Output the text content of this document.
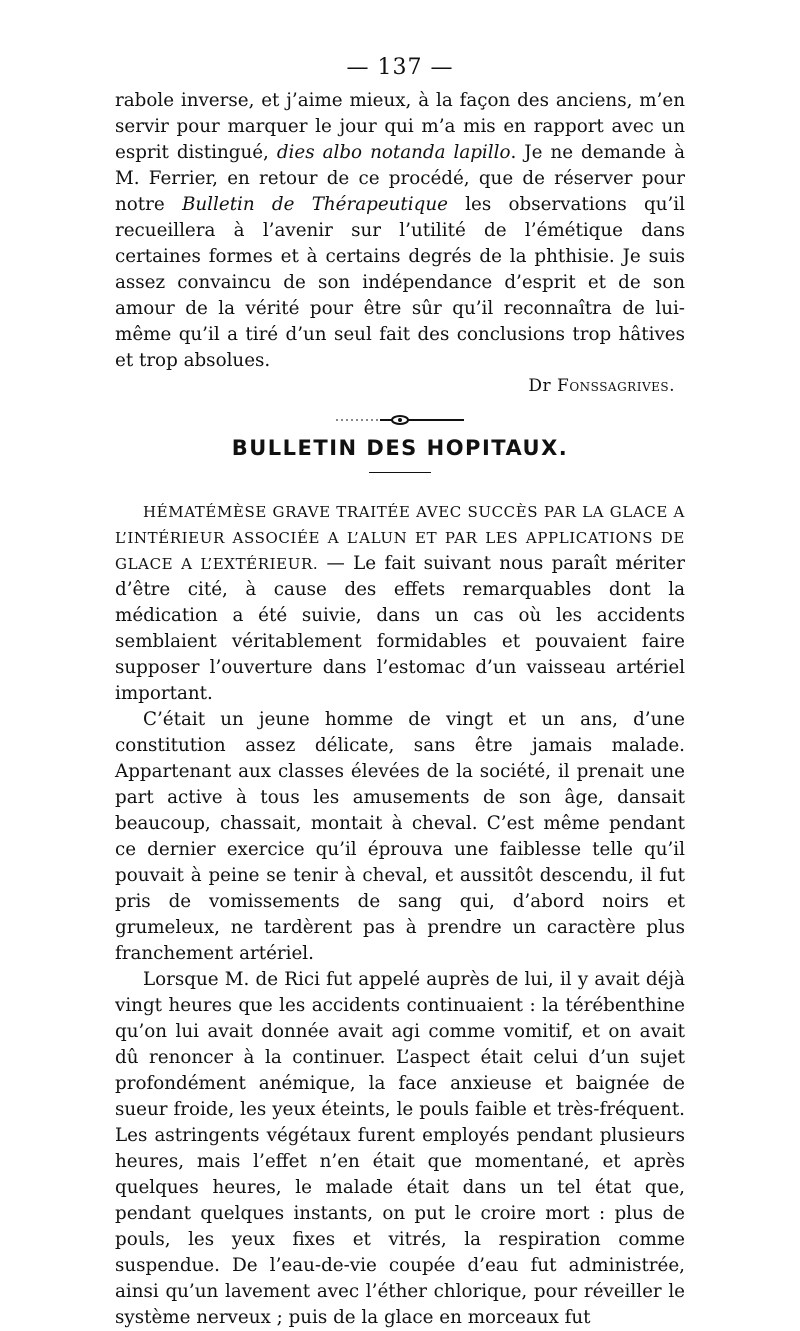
— 137 —

rabole inverse, et j’aime mieux, à la façon des anciens, m’en servir pour marquer le jour qui m’a mis en rapport avec un esprit distingué, dies albo notanda lapillo. Je ne demande à M. Ferrier, en retour de ce procédé, que de réserver pour notre Bulletin de Thérapeutique les observations qu’il recueillera à l’avenir sur l’utilité de l’émétique dans certaines formes et à certains degrés de la phthisie. Je suis assez convaincu de son indépendance d’esprit et de son amour de la vérité pour être sûr qu’il reconnaîtra de lui-même qu’il a tiré d’un seul fait des conclusions trop hâtives et trop absolues.

Dr Fonssagrives.
BULLETIN DES HOPITAUX.

HÉMATÉMÈSE GRAVE TRAITÉE AVEC SUCCÈS PAR LA GLACE A L’INTÉRIEUR ASSOCIÉE A L’ALUN ET PAR LES APPLICATIONS DE GLACE A L’EXTÉRIEUR. — Le fait suivant nous paraît mériter d’être cité, à cause des effets remarquables dont la médication a été suivie, dans un cas où les accidents semblaient véritablement formidables et pouvaient faire supposer l’ouverture dans l’estomac d’un vaisseau artériel important.

C’était un jeune homme de vingt et un ans, d’une constitution assez délicate, sans être jamais malade. Appartenant aux classes élevées de la société, il prenait une part active à tous les amusements de son âge, dansait beaucoup, chassait, montait à cheval. C’est même pendant ce dernier exercice qu’il éprouva une faiblesse telle qu’il pouvait à peine se tenir à cheval, et aussitôt descendu, il fut pris de vomissements de sang qui, d’abord noirs et grumeleux, ne tardèrent pas à prendre un caractère plus franchement artériel.

Lorsque M. de Rici fut appelé auprès de lui, il y avait déjà vingt heures que les accidents continuaient : la térébenthine qu’on lui avait donnée avait agi comme vomitif, et on avait dû renoncer à la continuer. L’aspect était celui d’un sujet profondément anémique, la face anxieuse et baignée de sueur froide, les yeux éteints, le pouls faible et très-fréquent. Les astringents végétaux furent employés pendant plusieurs heures, mais l’effet n’en était que momentané, et après quelques heures, le malade était dans un tel état que, pendant quelques instants, on put le croire mort : plus de pouls, les yeux fixes et vitrés, la respiration comme suspendue. De l’eau-de-vie coupée d’eau fut administrée, ainsi qu’un lavement avec l’éther chlorique, pour réveiller le système nerveux ; puis de la glace en morceaux fut
